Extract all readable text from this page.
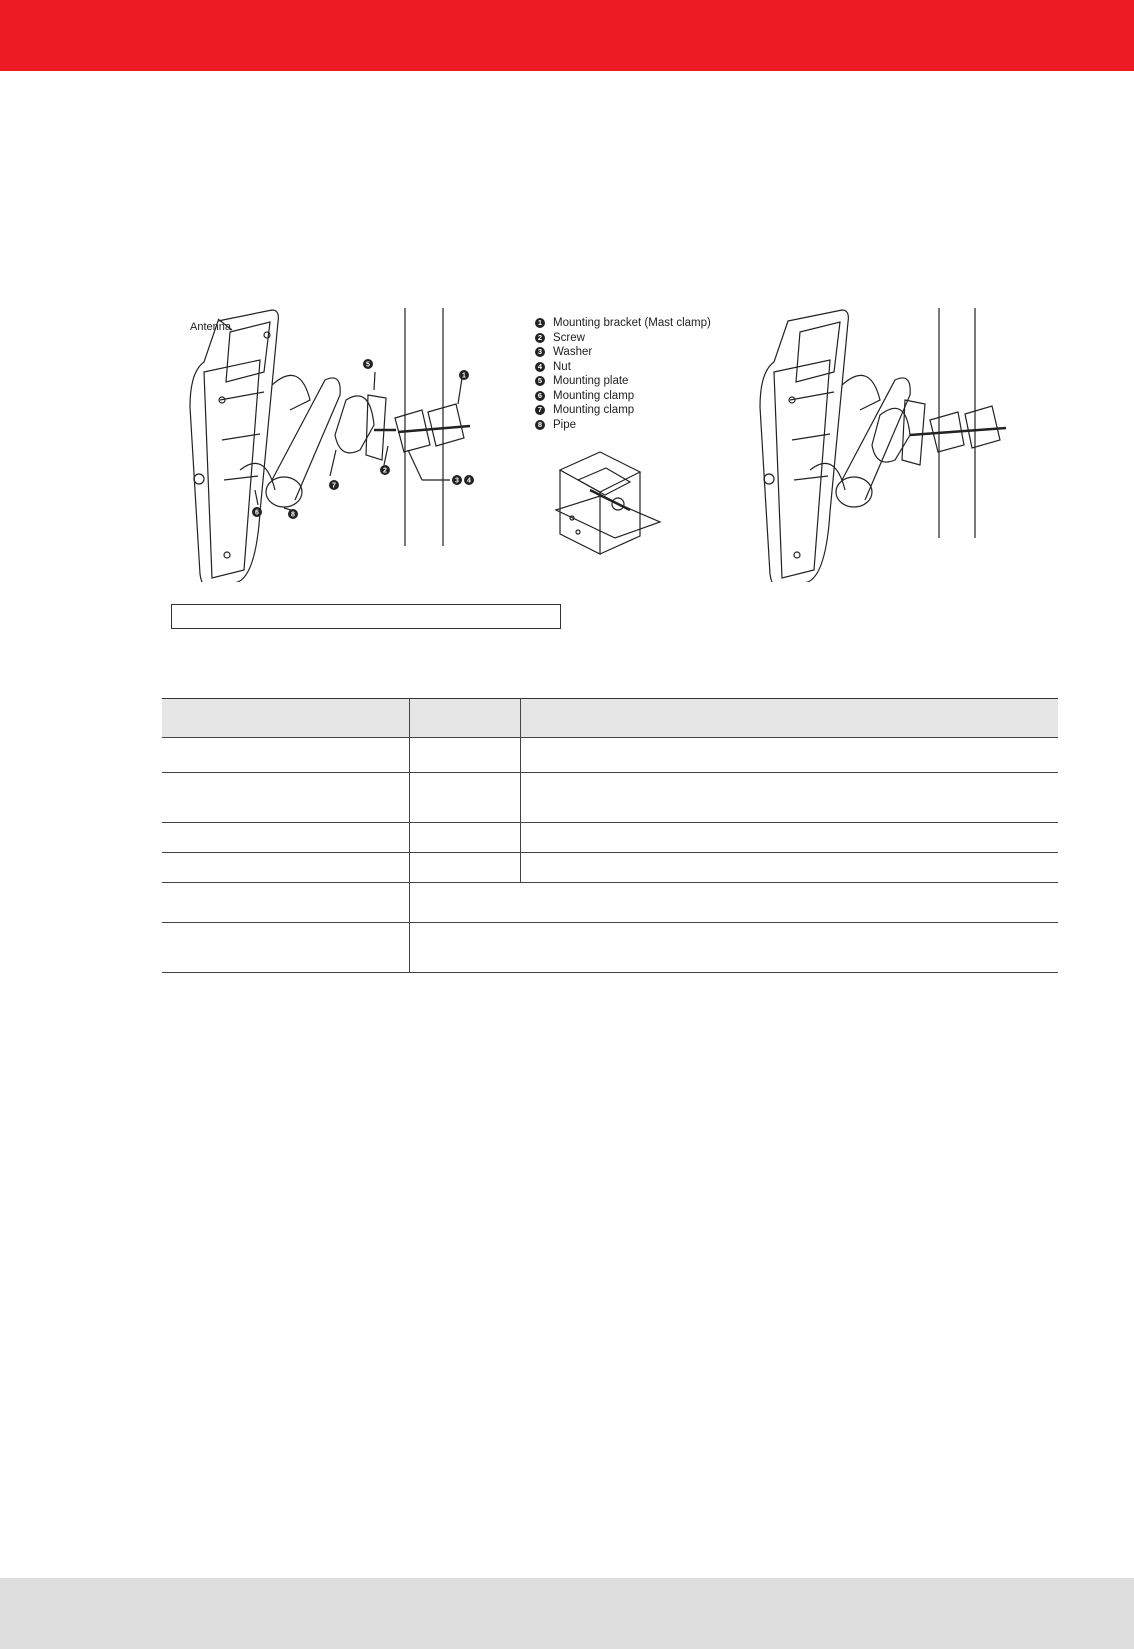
5
1
2
3 4
6	8
7
Antenna	1 Mounting bracket (Mast clamp)
2 Screw
3 Washer
4 Nut
5 Mounting plate
6 Mounting clamp
7 Mounting clamp
8 Pipe
